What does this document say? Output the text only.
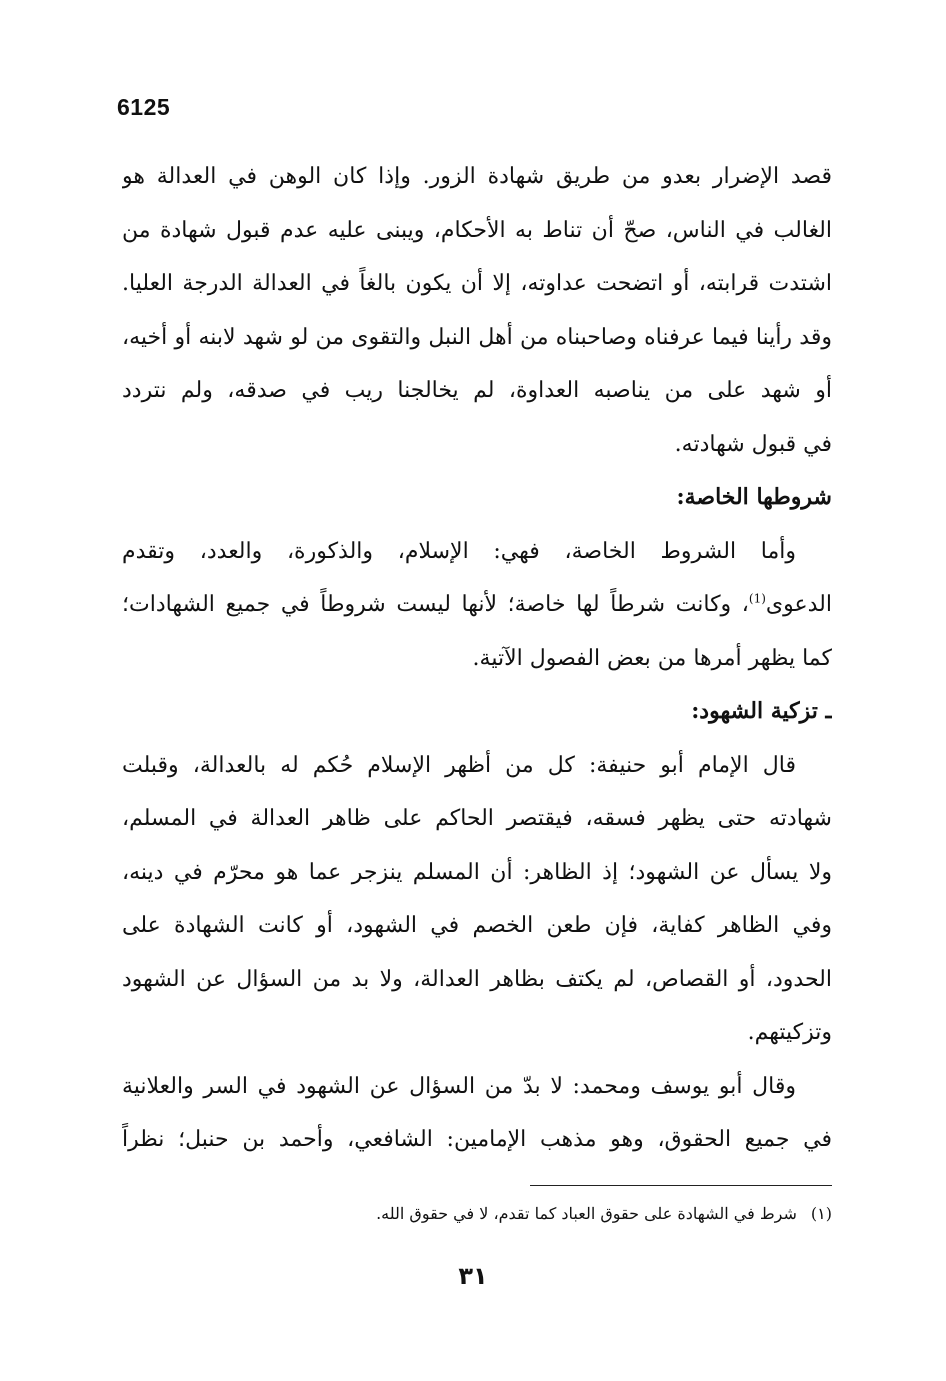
6125
قصد الإضرار بعدو من طريق شهادة الزور. وإذا كان الوهن في العدالة هو
الغالب في الناس، صحّ أن تناط به الأحكام، ويبنى عليه عدم قبول شهادة من
اشتدت قرابته، أو اتضحت عداوته، إلا أن يكون بالغاً في العدالة الدرجة العليا.
وقد رأينا فيما عرفناه وصاحبناه من أهل النبل والتقوى من لو شهد لابنه أو أخيه،
أو شهد على من يناصبه العداوة، لم يخالجنا ريب في صدقه، ولم نتردد
في قبول شهادته.
شروطها الخاصة:
وأما الشروط الخاصة، فهي: الإسلام، والذكورة، والعدد، وتقدم
الدعوى$^{(1)}$، وكانت شرطاً لها خاصة؛ لأنها ليست شروطاً في جميع الشهادات؛
كما يظهر أمرها من بعض الفصول الآتية.
ـ تزكية الشهود:
قال الإمام أبو حنيفة: كل من أظهر الإسلام حُكم له بالعدالة، وقبلت
شهادته حتى يظهر فسقه، فيقتصر الحاكم على ظاهر العدالة في المسلم،
ولا يسأل عن الشهود؛ إذ الظاهر: أن المسلم ينزجر عما هو محرّم في دينه،
وفي الظاهر كفاية، فإن طعن الخصم في الشهود، أو كانت الشهادة على
الحدود، أو القصاص، لم يكتف بظاهر العدالة، ولا بد من السؤال عن الشهود
وتزكيتهم.
وقال أبو يوسف ومحمد: لا بدّ من السؤال عن الشهود في السر والعلانية
في جميع الحقوق، وهو مذهب الإمامين: الشافعي، وأحمد بن حنبل؛ نظراً
(١)شرط في الشهادة على حقوق العباد كما تقدم، لا في حقوق الله.
٣١
